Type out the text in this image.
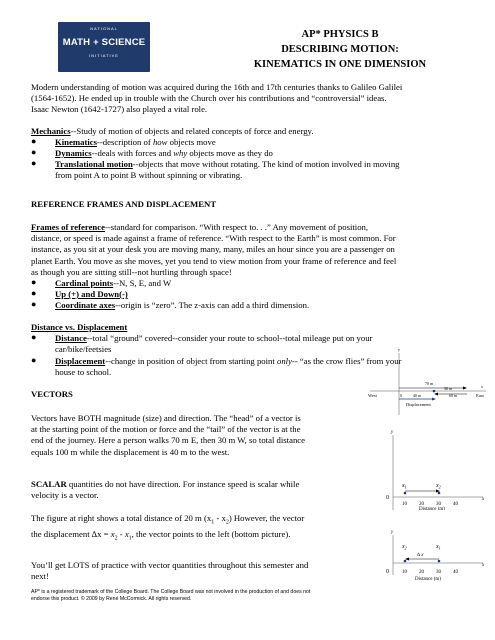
NATIONAL
MATH + SCIENCE
INITIATIVE
AP* PHYSICS B
DESCRIBING MOTION:
KINEMATICS IN ONE DIMENSION
Modern understanding of motion was acquired during the 16th and 17th centuries thanks to Galileo Galilei
(1564-1652). He ended up in trouble with the Church over his contributions and “controversial” ideas.
Isaac Newton (1642-1727) also played a vital role.
Mechanics--Study of motion of objects and related concepts of force and energy.
● Kinematics--description of how objects move
● Dynamics--deals with forces and why objects move as they do
● Translational motion--objects that move without rotating. The kind of motion involved in moving
from point A to point B without spinning or vibrating.
REFERENCE FRAMES AND DISPLACEMENT
Frames of reference--standard for comparison. “With respect to. . .” Any movement of position,
distance, or speed is made against a frame of reference. “With respect to the Earth” is most common. For
instance, as you sit at your desk you are moving many, many, miles an hour since you are a passenger on
planet Earth. You move as she moves, yet you tend to view motion from your frame of reference and feel
as though you are sitting still--not hurtling through space!
● Cardinal points--N, S, E, and W
● Up (+) and Down(-)
● Coordinate axes--origin is “zero”. The z-axis can add a third dimension.
Distance vs. Displacement
● Distance--total “ground” covered--consider your route to school--total mileage put on your
car/bike/feetsies
● Displacement--change in position of object from starting point only-- “as the crow flies” from your
house to school.
VECTORS
Vectors have BOTH magnitude (size) and direction. The “head” of a vector is
at the starting point of the motion or force and the “tail” of the vector is at the
end of the journey. Here a person walks 70 m E, then 30 m W, so total distance
equals 100 m while the displacement is 40 m to the west.
SCALAR quantities do not have direction. For instance speed is scalar while
velocity is a vector.
The figure at right shows a total distance of 20 m $(x_1 - x_2)$ However, the vector
the displacement $\Delta x = x_2 - x_1$, the vector points to the left (bottom picture).
You’ll get LOTS of practice with vector quantities throughout this semester and
next!
AP* is a registered trademark of the College Board. The College Board was not involved in the production of and does not
endorse this product. © 2009 by René McCormick. All rights reserved.
y
x
70 m
West	East
0	40 m	60 m
30 m
Displacement
y
x
0
$x_1$	$x_2$
10 20 30 40
Distance (m)
y
x
0
$x_2$	$x_1$
∆ x
10 20 30 40
Distance (m)
